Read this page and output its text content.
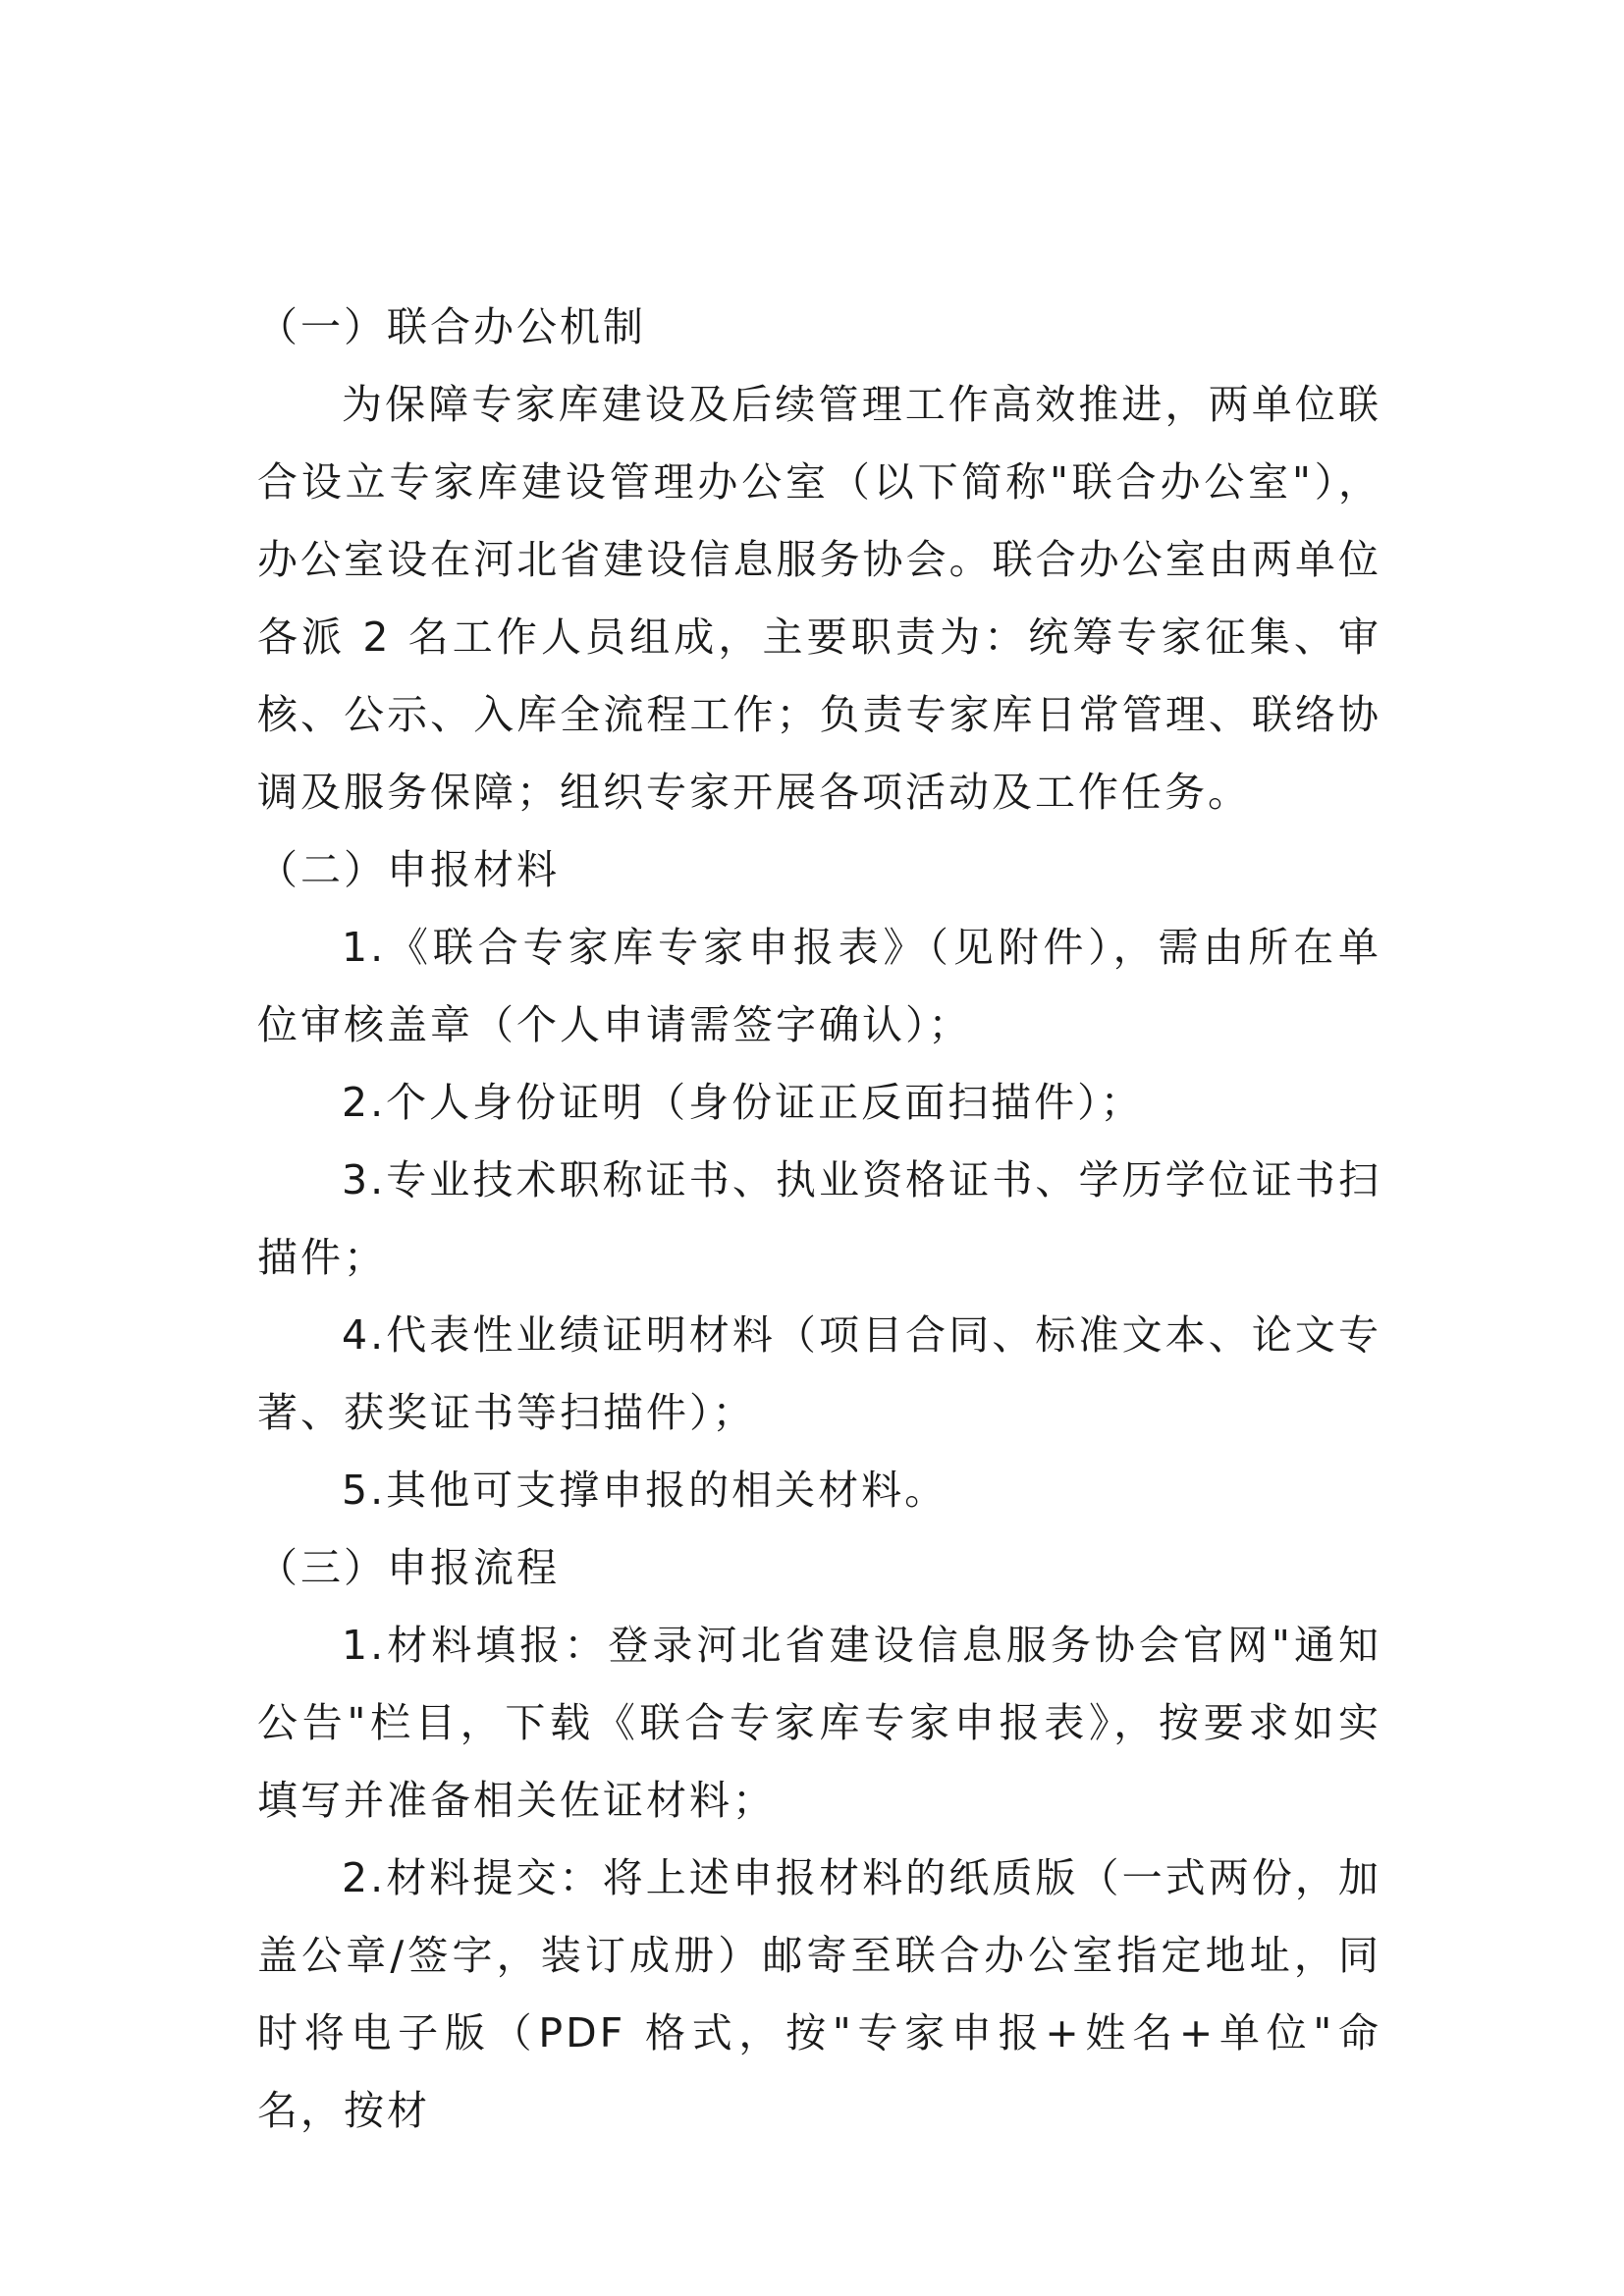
（一）联合办公机制

为保障专家库建设及后续管理工作高效推进，两单位联合设立专家库建设管理办公室（以下简称"联合办公室"），办公室设在河北省建设信息服务协会。联合办公室由两单位各派 2 名工作人员组成，主要职责为：统筹专家征集、审核、公示、入库全流程工作；负责专家库日常管理、联络协调及服务保障；组织专家开展各项活动及工作任务。

（二）申报材料

1.《联合专家库专家申报表》（见附件），需由所在单位审核盖章（个人申请需签字确认）；

2.个人身份证明（身份证正反面扫描件）；

3.专业技术职称证书、执业资格证书、学历学位证书扫描件；

4.代表性业绩证明材料（项目合同、标准文本、论文专著、获奖证书等扫描件）；

5.其他可支撑申报的相关材料。

（三）申报流程

1.材料填报：登录河北省建设信息服务协会官网"通知公告"栏目，下载《联合专家库专家申报表》，按要求如实填写并准备相关佐证材料；

2.材料提交：将上述申报材料的纸质版（一式两份，加盖公章/签字，装订成册）邮寄至联合办公室指定地址，同时将电子版（PDF 格式，按"专家申报+姓名+单位"命名，按材
